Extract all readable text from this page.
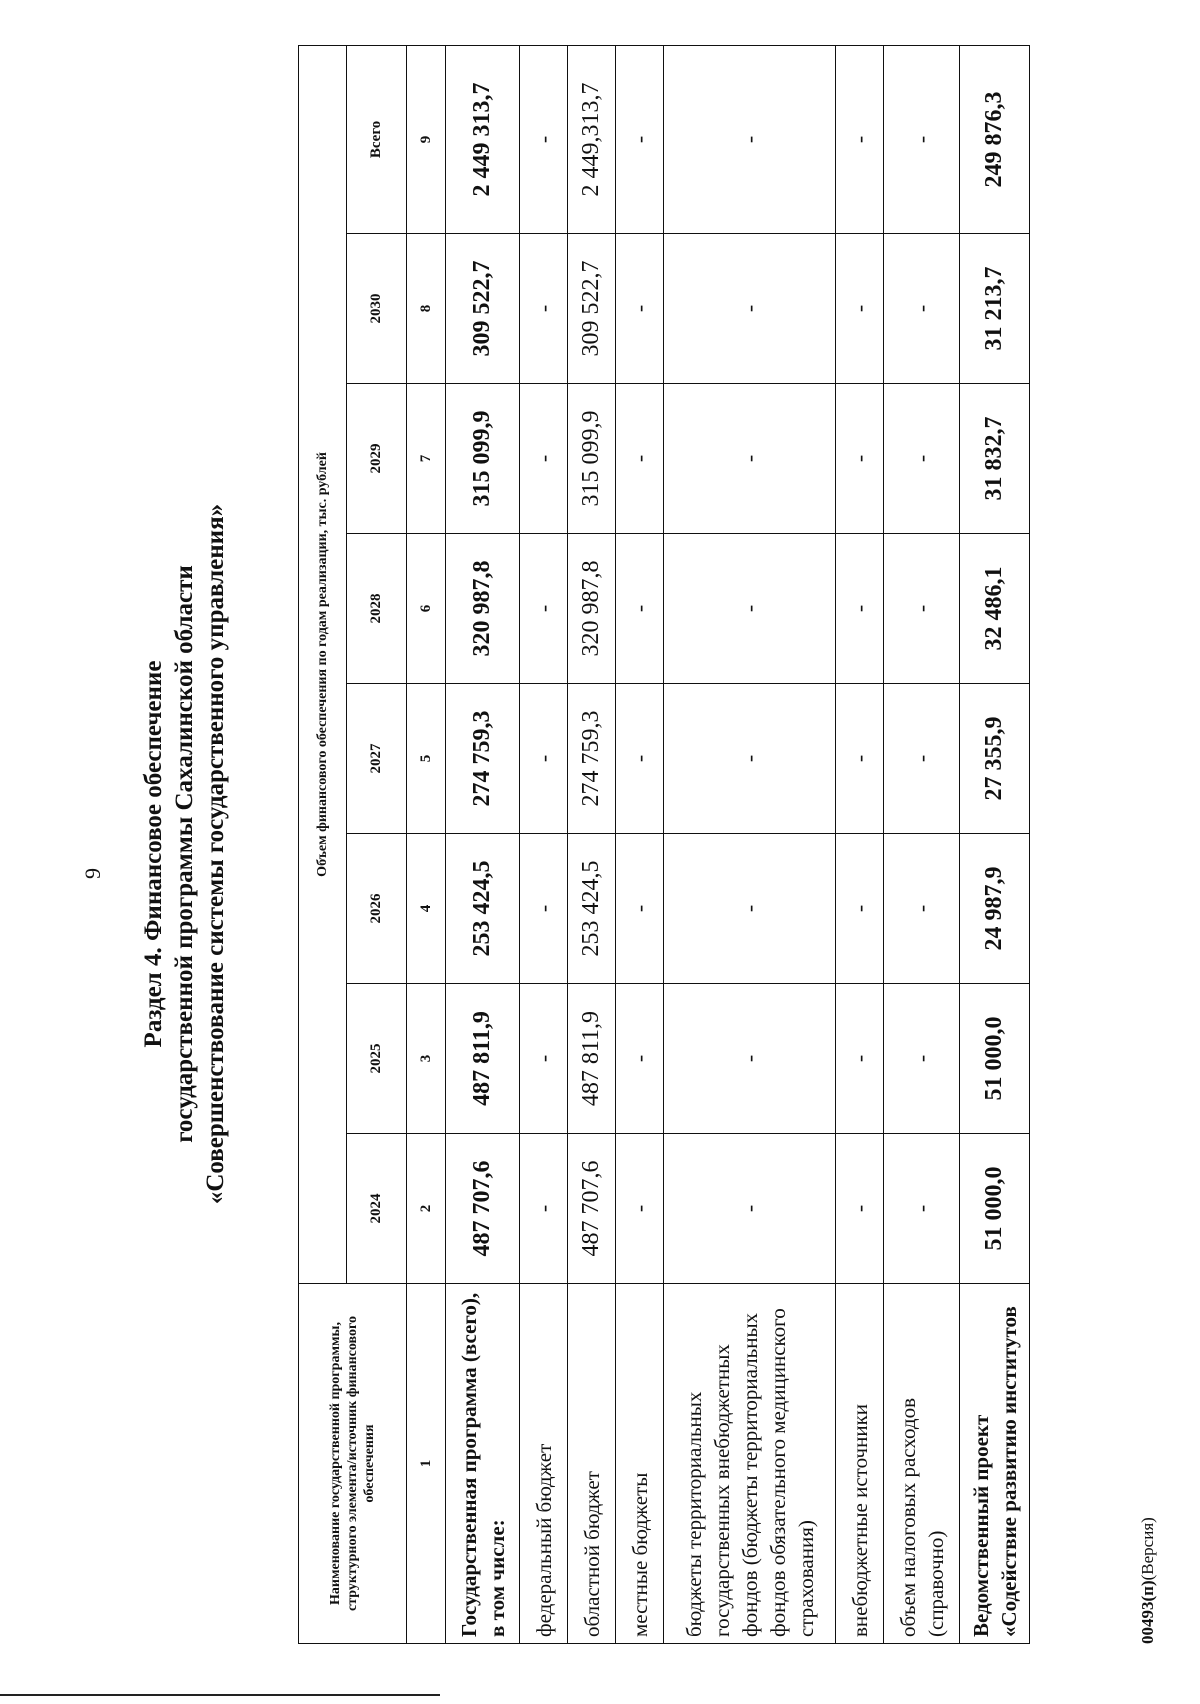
9 Раздел 4. Финансовое обеспечение государственной программы Сахалинской области «Совершенствование системы государственного управления»
Наименование государственной программы, структурного элемента/источник финансового обеспечения	Объем финансового обеспечения по годам реализации, тыс. рублей							
	2024	2025	2026	2027	2028	2029	2030	Всего
1	2	3	4	5	6	7	8	9
Государственная программа (всего), в том числе:	487 707,6	487 811,9	253 424,5	274 759,3	320 987,8	315 099,9	309 522,7	2 449 313,7
федеральный бюджет	-	-	-	-	-	-	-	-
областной бюджет	487 707,6	487 811,9	253 424,5	274 759,3	320 987,8	315 099,9	309 522,7	2 449,313,7
местные бюджеты	-	-	-	-	-	-	-	-
бюджеты территориальных государственных внебюджетных фондов (бюджеты территориальных фондов обязательного медицинского страхования)	-	-	-	-	-	-	-	-
внебюджетные источники	-	-	-	-	-	-	-	-
объем налоговых расходов (справочно)	-	-	-	-	-	-	-	-
Ведомственный проект «Содействие развитию институтов	51 000,0	51 000,0	24 987,9	27 355,9	32 486,1	31 832,7	31 213,7	249 876,3
00493(п)(Версия)
